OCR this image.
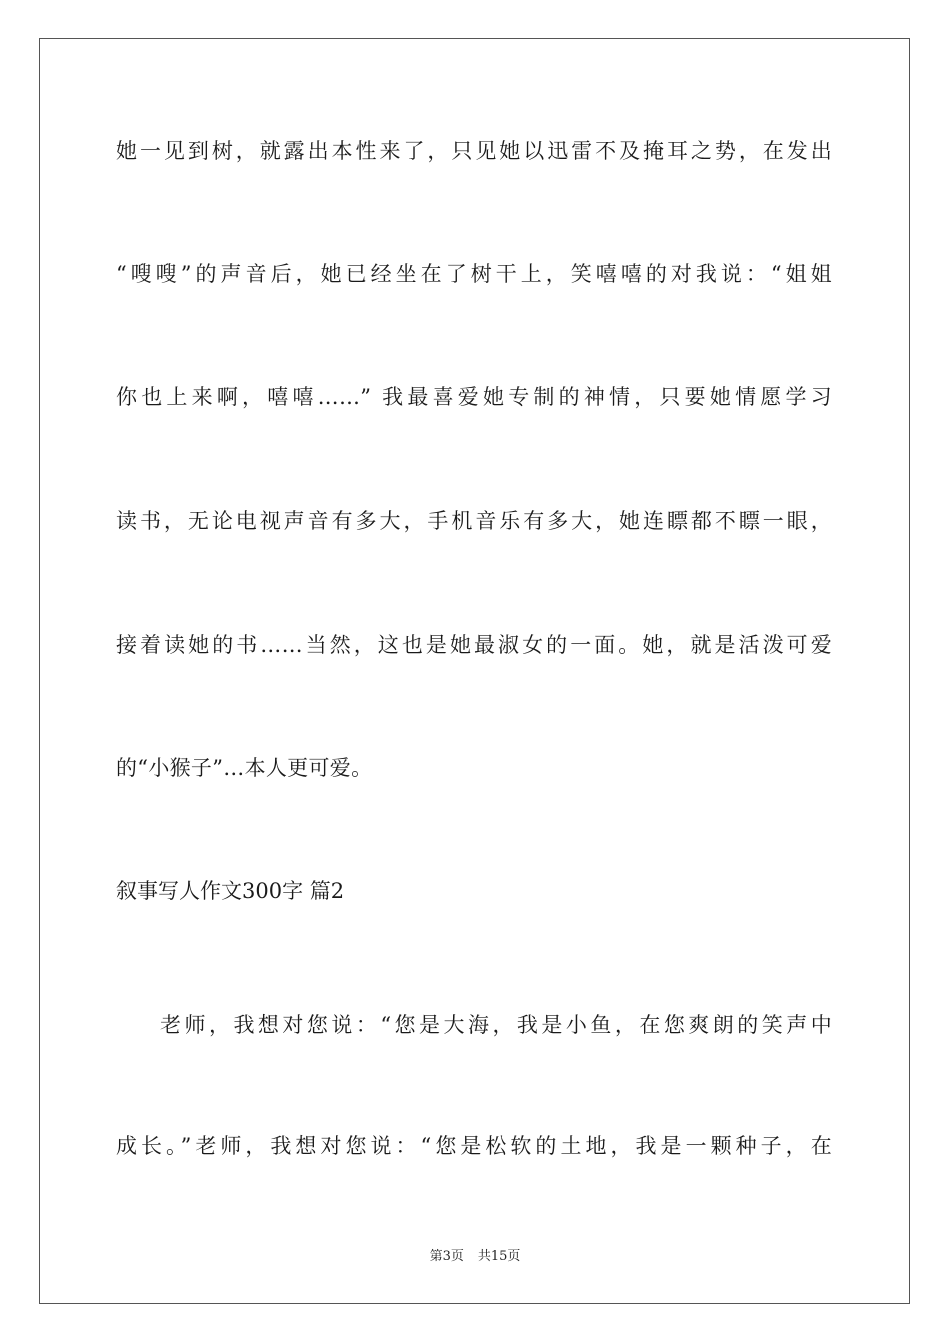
她一见到树，就露出本性来了，只见她以迅雷不及掩耳之势，在发出
“嗖嗖”的声音后，她已经坐在了树干上，笑嘻嘻的对我说：“姐姐
你也上来啊，嘻嘻……” 我最喜爱她专制的神情，只要她情愿学习
读书，无论电视声音有多大，手机音乐有多大，她连瞟都不瞟一眼，
接着读她的书……当然，这也是她最淑女的一面。她，就是活泼可爱
的“小猴子”…本人更可爱。
叙事写人作文300字 篇2
老师，我想对您说：“您是大海，我是小鱼，在您爽朗的笑声中
成长。”老师，我想对您说：“您是松软的土地，我是一颗种子，在
第3页 共15页
